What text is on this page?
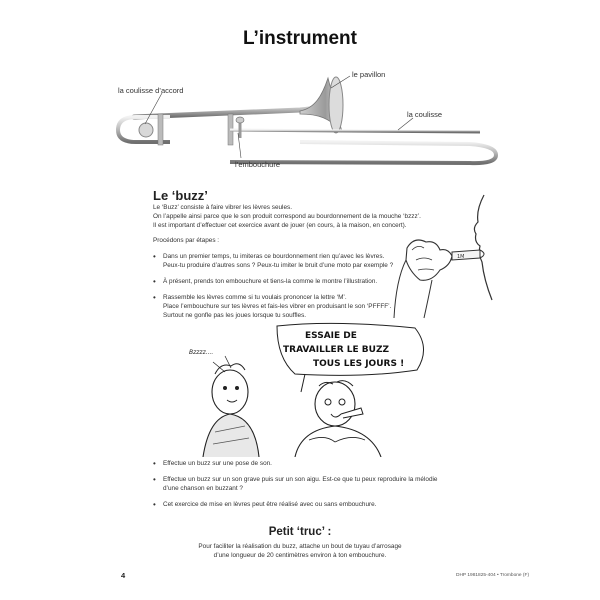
L’instrument
la coulisse d’accord
le pavillon
la coulisse
l’embouchure
Le ‘buzz’
Le ‘Buzz’ consiste à faire vibrer les lèvres seules.
On l’appelle ainsi parce que le son produit correspond au bourdonnement de la mouche ‘bzzz’.
Il est important d’effectuer cet exercice avant de jouer (en cours, à la maison, en concert).
Procédons par étapes :
• Dans un premier temps, tu imiteras ce bourdonnement rien qu’avec les lèvres.
Peux-tu produire d’autres sons ? Peux-tu imiter le bruit d’une moto par exemple ?
• À présent, prends ton embouchure et tiens-la comme le montre l’illustration.
• Rassemble les lèvres comme si tu voulais prononcer la lettre ‘M’.
Place l’embouchure sur tes lèvres et fais-les vibrer en produisant le son ‘PFFFF’.
Surtout ne gonfle pas les joues lorsque tu souffles.
1M
Bzzzz....
ESSAIE DE
TRAVAILLER LE BUZZ
TOUS LES JOURS !
• Effectue un buzz sur une pose de son.
• Effectue un buzz sur un son grave puis sur un son aigu. Est-ce que tu peux reproduire la mélodie
d’une chanson en buzzant ?
• Cet exercice de mise en lèvres peut être réalisé avec ou sans embouchure.
Petit ‘truc’ :
Pour faciliter la réalisation du buzz, attache un bout de tuyau d’arrosage
d’une longueur de 20 centimètres environ à ton embouchure.
4	DHP 1981825-404 • Trombone (F)
